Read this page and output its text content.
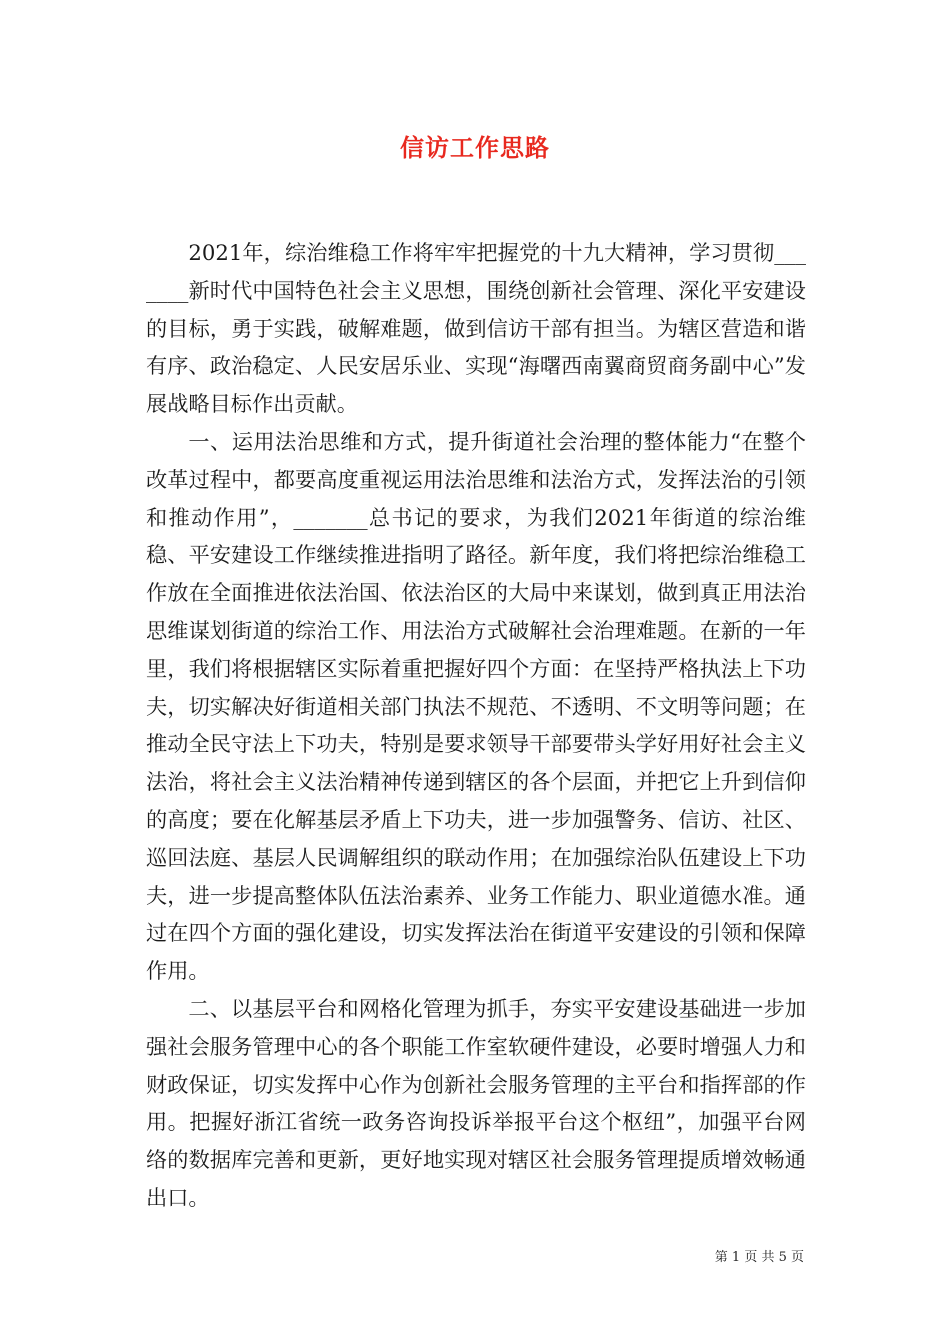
信访工作思路

2021年，综治维稳工作将牢牢把握党的十九大精神，学习贯彻_______新时代中国特色社会主义思想，围绕创新社会管理、深化平安建设的目标，勇于实践，破解难题，做到信访干部有担当。为辖区营造和谐有序、政治稳定、人民安居乐业、实现“海曙西南翼商贸商务副中心”发展战略目标作出贡献。

一、运用法治思维和方式，提升街道社会治理的整体能力“在整个改革过程中，都要高度重视运用法治思维和法治方式，发挥法治的引领和推动作用”，_______总书记的要求，为我们2021年街道的综治维稳、平安建设工作继续推进指明了路径。新年度，我们将把综治维稳工作放在全面推进依法治国、依法治区的大局中来谋划，做到真正用法治思维谋划街道的综治工作、用法治方式破解社会治理难题。在新的一年里，我们将根据辖区实际着重把握好四个方面：在坚持严格执法上下功夫，切实解决好街道相关部门执法不规范、不透明、不文明等问题；在推动全民守法上下功夫，特别是要求领导干部要带头学好用好社会主义法治，将社会主义法治精神传递到辖区的各个层面，并把它上升到信仰的高度；要在化解基层矛盾上下功夫，进一步加强警务、信访、社区、巡回法庭、基层人民调解组织的联动作用；在加强综治队伍建设上下功夫，进一步提高整体队伍法治素养、业务工作能力、职业道德水准。通过在四个方面的强化建设，切实发挥法治在街道平安建设的引领和保障作用。

二、以基层平台和网格化管理为抓手，夯实平安建设基础进一步加强社会服务管理中心的各个职能工作室软硬件建设，必要时增强人力和财政保证，切实发挥中心作为创新社会服务管理的主平台和指挥部的作用。把握好浙江省统一政务咨询投诉举报平台这个枢纽”，加强平台网络的数据库完善和更新，更好地实现对辖区社会服务管理提质增效畅通出口。

第 1 页 共 5 页
